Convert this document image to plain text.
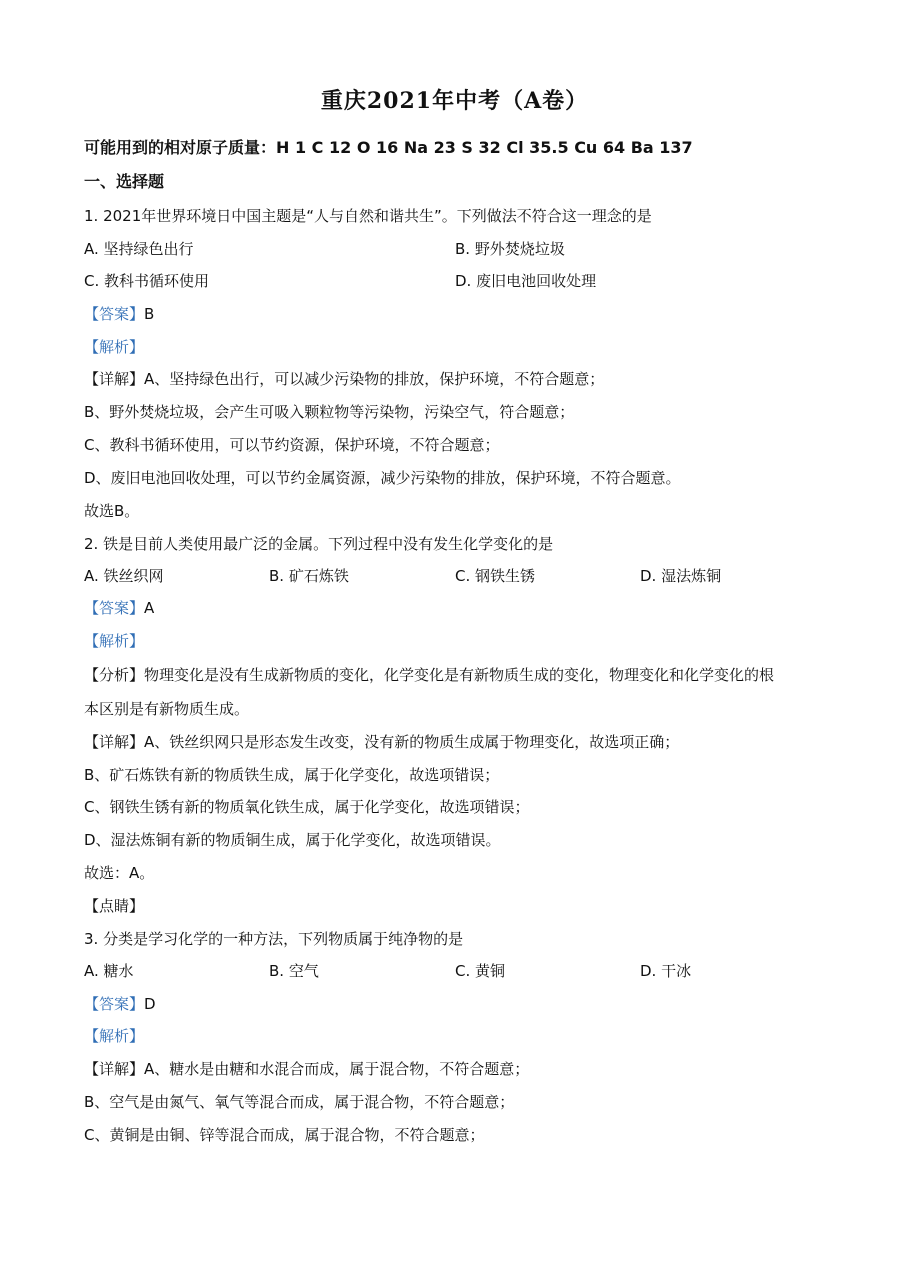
重庆2021年中考（A卷）
可能用到的相对原子质量：H 1 C 12 O 16 Na 23 S 32 Cl 35.5 Cu 64 Ba 137
一、选择题
1. 2021年世界环境日中国主题是“人与自然和谐共生”。下列做法不符合这一理念的是
A. 坚持绿色出行	B. 野外焚烧垃圾
C. 教科书循环使用	D. 废旧电池回收处理
【答案】B
【解析】
【详解】A、坚持绿色出行，可以减少污染物的排放，保护环境，不符合题意；
B、野外焚烧垃圾，会产生可吸入颗粒物等污染物，污染空气，符合题意；
C、教科书循环使用，可以节约资源，保护环境，不符合题意；
D、废旧电池回收处理，可以节约金属资源，减少污染物的排放，保护环境，不符合题意。
故选B。
2. 铁是目前人类使用最广泛的金属。下列过程中没有发生化学变化的是
A. 铁丝织网	B. 矿石炼铁	C. 钢铁生锈	D. 湿法炼铜
【答案】A
【解析】
【分析】物理变化是没有生成新物质的变化，化学变化是有新物质生成的变化，物理变化和化学变化的根
本区别是有新物质生成。
【详解】A、铁丝织网只是形态发生改变，没有新的物质生成属于物理变化，故选项正确；
B、矿石炼铁有新的物质铁生成，属于化学变化，故选项错误；
C、钢铁生锈有新的物质氧化铁生成，属于化学变化，故选项错误；
D、湿法炼铜有新的物质铜生成，属于化学变化，故选项错误。
故选：A。
【点睛】
3. 分类是学习化学的一种方法，下列物质属于纯净物的是
A. 糖水	B. 空气	C. 黄铜	D. 干冰
【答案】D
【解析】
【详解】A、糖水是由糖和水混合而成，属于混合物，不符合题意；
B、空气是由氮气、氧气等混合而成，属于混合物，不符合题意；
C、黄铜是由铜、锌等混合而成，属于混合物，不符合题意；
